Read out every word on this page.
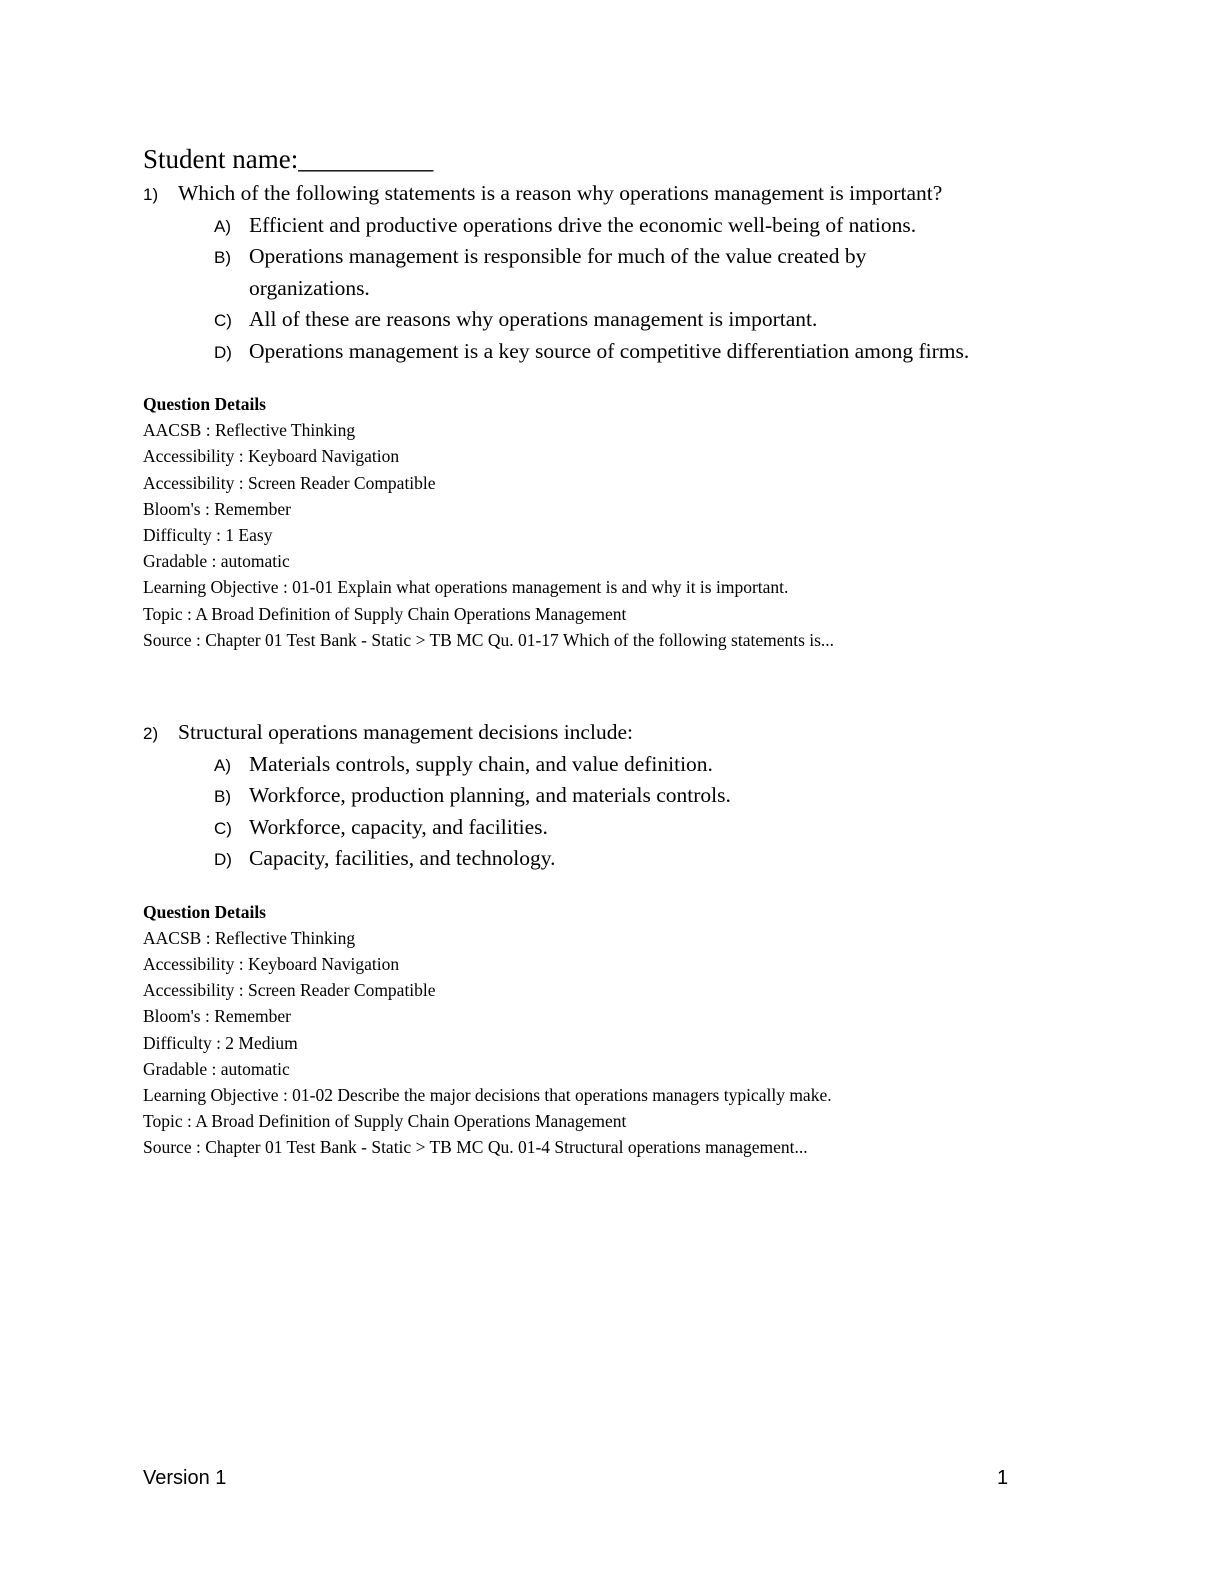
Student name:__________
1) Which of the following statements is a reason why operations management is important?
A) Efficient and productive operations drive the economic well-being of nations.
B) Operations management is responsible for much of the value created by organizations.
C) All of these are reasons why operations management is important.
D) Operations management is a key source of competitive differentiation among firms.
Question Details
AACSB : Reflective Thinking
Accessibility : Keyboard Navigation
Accessibility : Screen Reader Compatible
Bloom's : Remember
Difficulty : 1 Easy
Gradable : automatic
Learning Objective : 01-01 Explain what operations management is and why it is important.
Topic : A Broad Definition of Supply Chain Operations Management
Source : Chapter 01 Test Bank - Static > TB MC Qu. 01-17 Which of the following statements is...
2) Structural operations management decisions include:
A) Materials controls, supply chain, and value definition.
B) Workforce, production planning, and materials controls.
C) Workforce, capacity, and facilities.
D) Capacity, facilities, and technology.
Question Details
AACSB : Reflective Thinking
Accessibility : Keyboard Navigation
Accessibility : Screen Reader Compatible
Bloom's : Remember
Difficulty : 2 Medium
Gradable : automatic
Learning Objective : 01-02 Describe the major decisions that operations managers typically make.
Topic : A Broad Definition of Supply Chain Operations Management
Source : Chapter 01 Test Bank - Static > TB MC Qu. 01-4 Structural operations management...
Version 1	1
